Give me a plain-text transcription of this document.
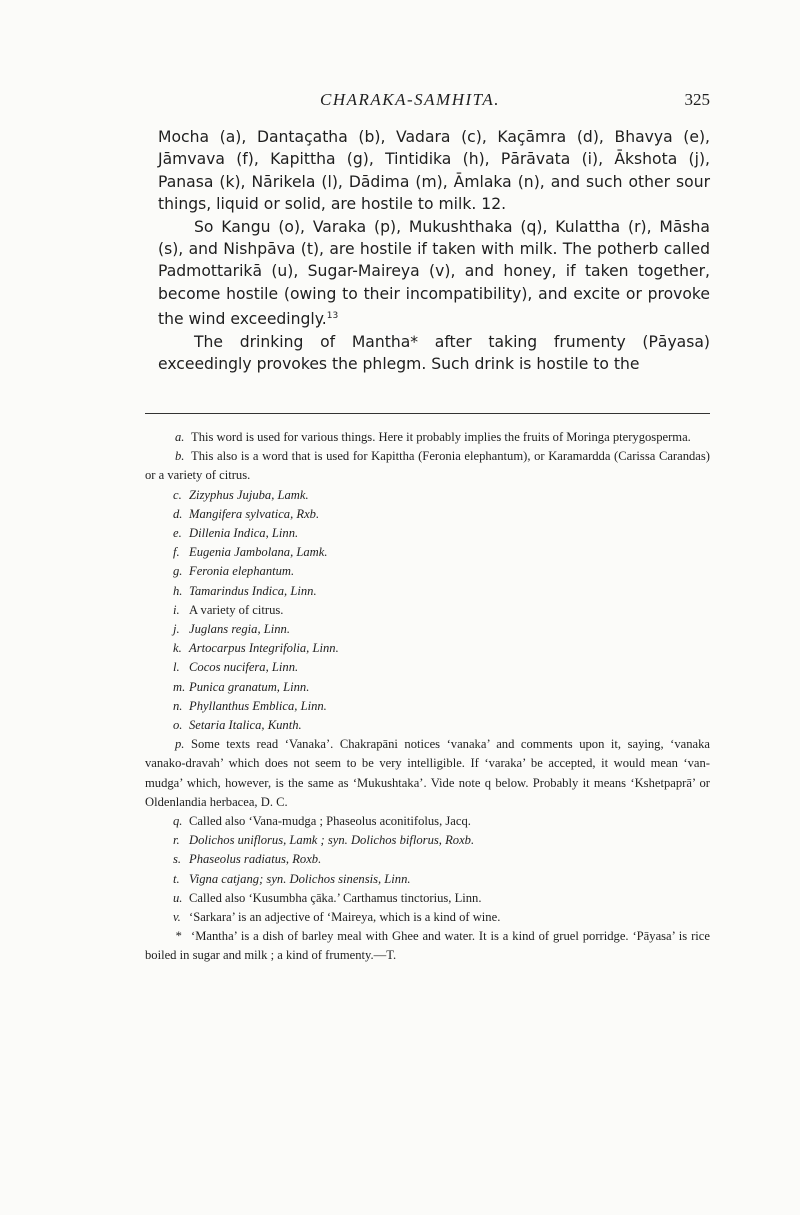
CHARAKA-SAMHITA.	325

Mocha (a), Dantaçatha (b), Vadara (c), Kaçāmra (d), Bhavya (e), Jāmvava (f), Kapittha (g), Tintidika (h), Pārāvata (i), Ākshota (j), Panasa (k), Nārikela (l), Dādima (m), Āmlaka (n), and such other sour things, liquid or solid, are hostile to milk. 12.

So Kangu (o), Varaka (p), Mukushthaka (q), Kulattha (r), Māsha (s), and Nishpāva (t), are hostile if taken with milk. The potherb called Padmottarikā (u), Sugar-Maireya (v), and honey, if taken together, become hostile (owing to their incompatibility), and excite or provoke the wind exceedingly.$^{13}$

The drinking of Mantha* after taking frumenty (Pāyasa) exceedingly provokes the phlegm. Such drink is hostile to the

a. This word is used for various things. Here it probably implies the fruits of Moringa pterygosperma.

b. This also is a word that is used for Kapittha (Feronia elephantum), or Karamardda (Carissa Carandas) or a variety of citrus.

c. Zizyphus Jujuba, Lamk.

d. Mangifera sylvatica, Rxb.

e. Dillenia Indica, Linn.

f. Eugenia Jambolana, Lamk.

g. Feronia elephantum.

h. Tamarindus Indica, Linn.

i. A variety of citrus.

j. Juglans regia, Linn.

k. Artocarpus Integrifolia, Linn.

l. Cocos nucifera, Linn.

m. Punica granatum, Linn.

n. Phyllanthus Emblica, Linn.

o. Setaria Italica, Kunth.

p. Some texts read ‘Vanaka’. Chakrapāni notices ‘vanaka’ and comments upon it, saying, ‘vanaka vanako-dravah’ which does not seem to be very intelligible. If ‘varaka’ be accepted, it would mean ‘van-mudga’ which, however, is the same as ‘Mukushtaka’. Vide note q below. Probably it means ‘Kshetpaprā’ or Oldenlandia herbacea, D. C.

q. Called also ‘Vana-mudga ; Phaseolus aconitifolus, Jacq.

r. Dolichos uniflorus, Lamk ; syn. Dolichos biflorus, Roxb.

s. Phaseolus radiatus, Roxb.

t. Vigna catjang; syn. Dolichos sinensis, Linn.

u. Called also ‘Kusumbha çāka.’ Carthamus tinctorius, Linn.

v. ‘Sarkara’ is an adjective of ‘Maireya, which is a kind of wine.

* ‘Mantha’ is a dish of barley meal with Ghee and water. It is a kind of gruel porridge. ‘Pāyasa’ is rice boiled in sugar and milk ; a kind of frumenty.—T.
